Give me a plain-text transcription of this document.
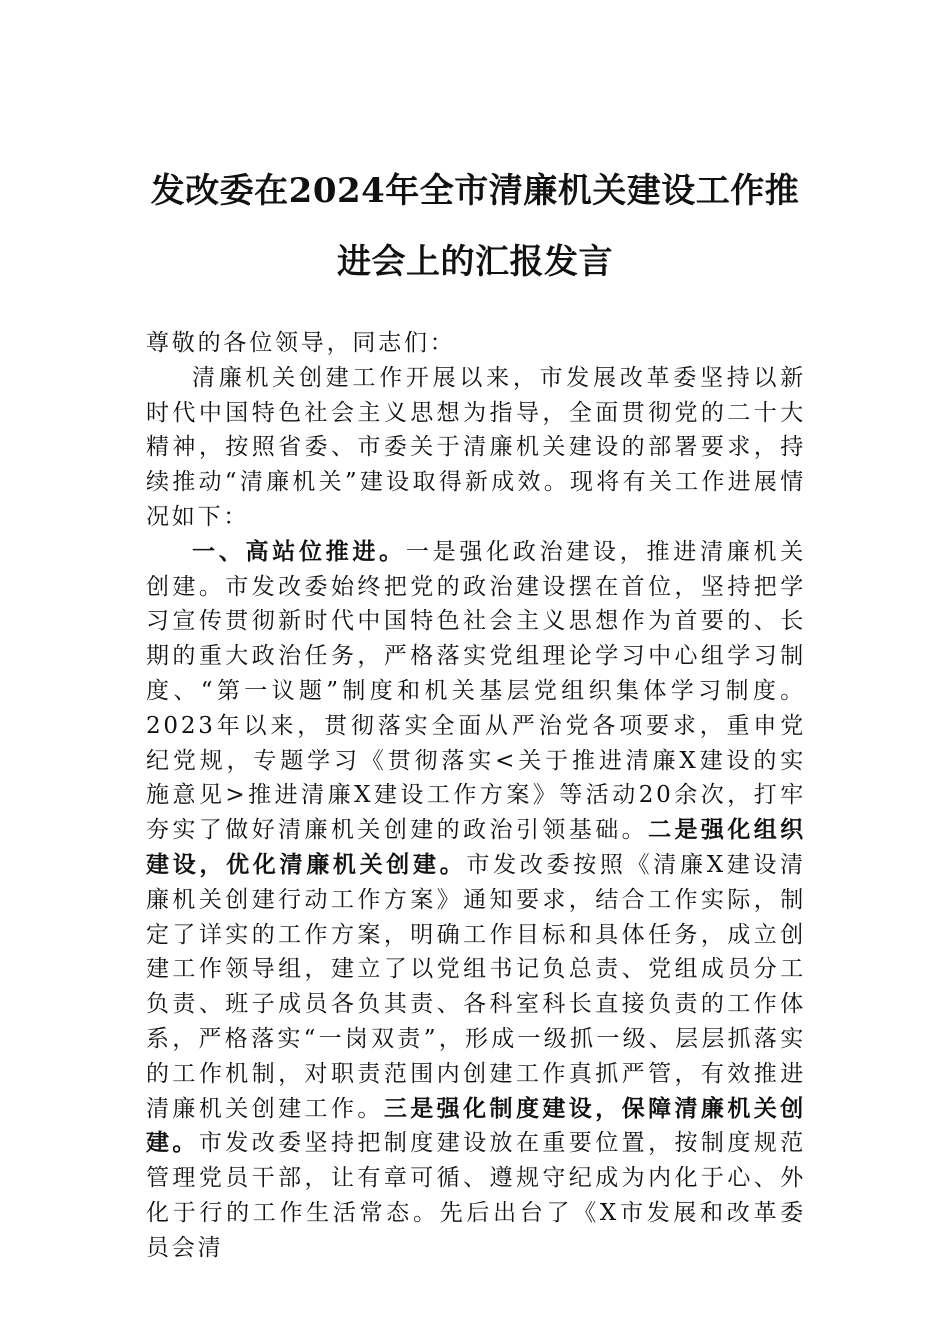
发改委在2024年全市清廉机关建设工作推进会上的汇报发言

尊敬的各位领导，同志们：

清廉机关创建工作开展以来，市发展改革委坚持以新时代中国特色社会主义思想为指导，全面贯彻党的二十大精神，按照省委、市委关于清廉机关建设的部署要求，持续推动“清廉机关”建设取得新成效。现将有关工作进展情况如下：

一、高站位推进。一是强化政治建设，推进清廉机关创建。市发改委始终把党的政治建设摆在首位，坚持把学习宣传贯彻新时代中国特色社会主义思想作为首要的、长期的重大政治任务，严格落实党组理论学习中心组学习制度、“第一议题”制度和机关基层党组织集体学习制度。2023年以来，贯彻落实全面从严治党各项要求，重申党纪党规，专题学习《贯彻落实<关于推进清廉X建设的实施意见>推进清廉X建设工作方案》等活动20余次，打牢夯实了做好清廉机关创建的政治引领基础。二是强化组织建设，优化清廉机关创建。市发改委按照《清廉X建设清廉机关创建行动工作方案》通知要求，结合工作实际，制定了详实的工作方案，明确工作目标和具体任务，成立创建工作领导组，建立了以党组书记负总责、党组成员分工负责、班子成员各负其责、各科室科长直接负责的工作体系，严格落实“一岗双责”，形成一级抓一级、层层抓落实的工作机制，对职责范围内创建工作真抓严管，有效推进清廉机关创建工作。三是强化制度建设，保障清廉机关创建。市发改委坚持把制度建设放在重要位置，按制度规范管理党员干部，让有章可循、遵规守纪成为内化于心、外化于行的工作生活常态。先后出台了《X市发展和改革委员会清
